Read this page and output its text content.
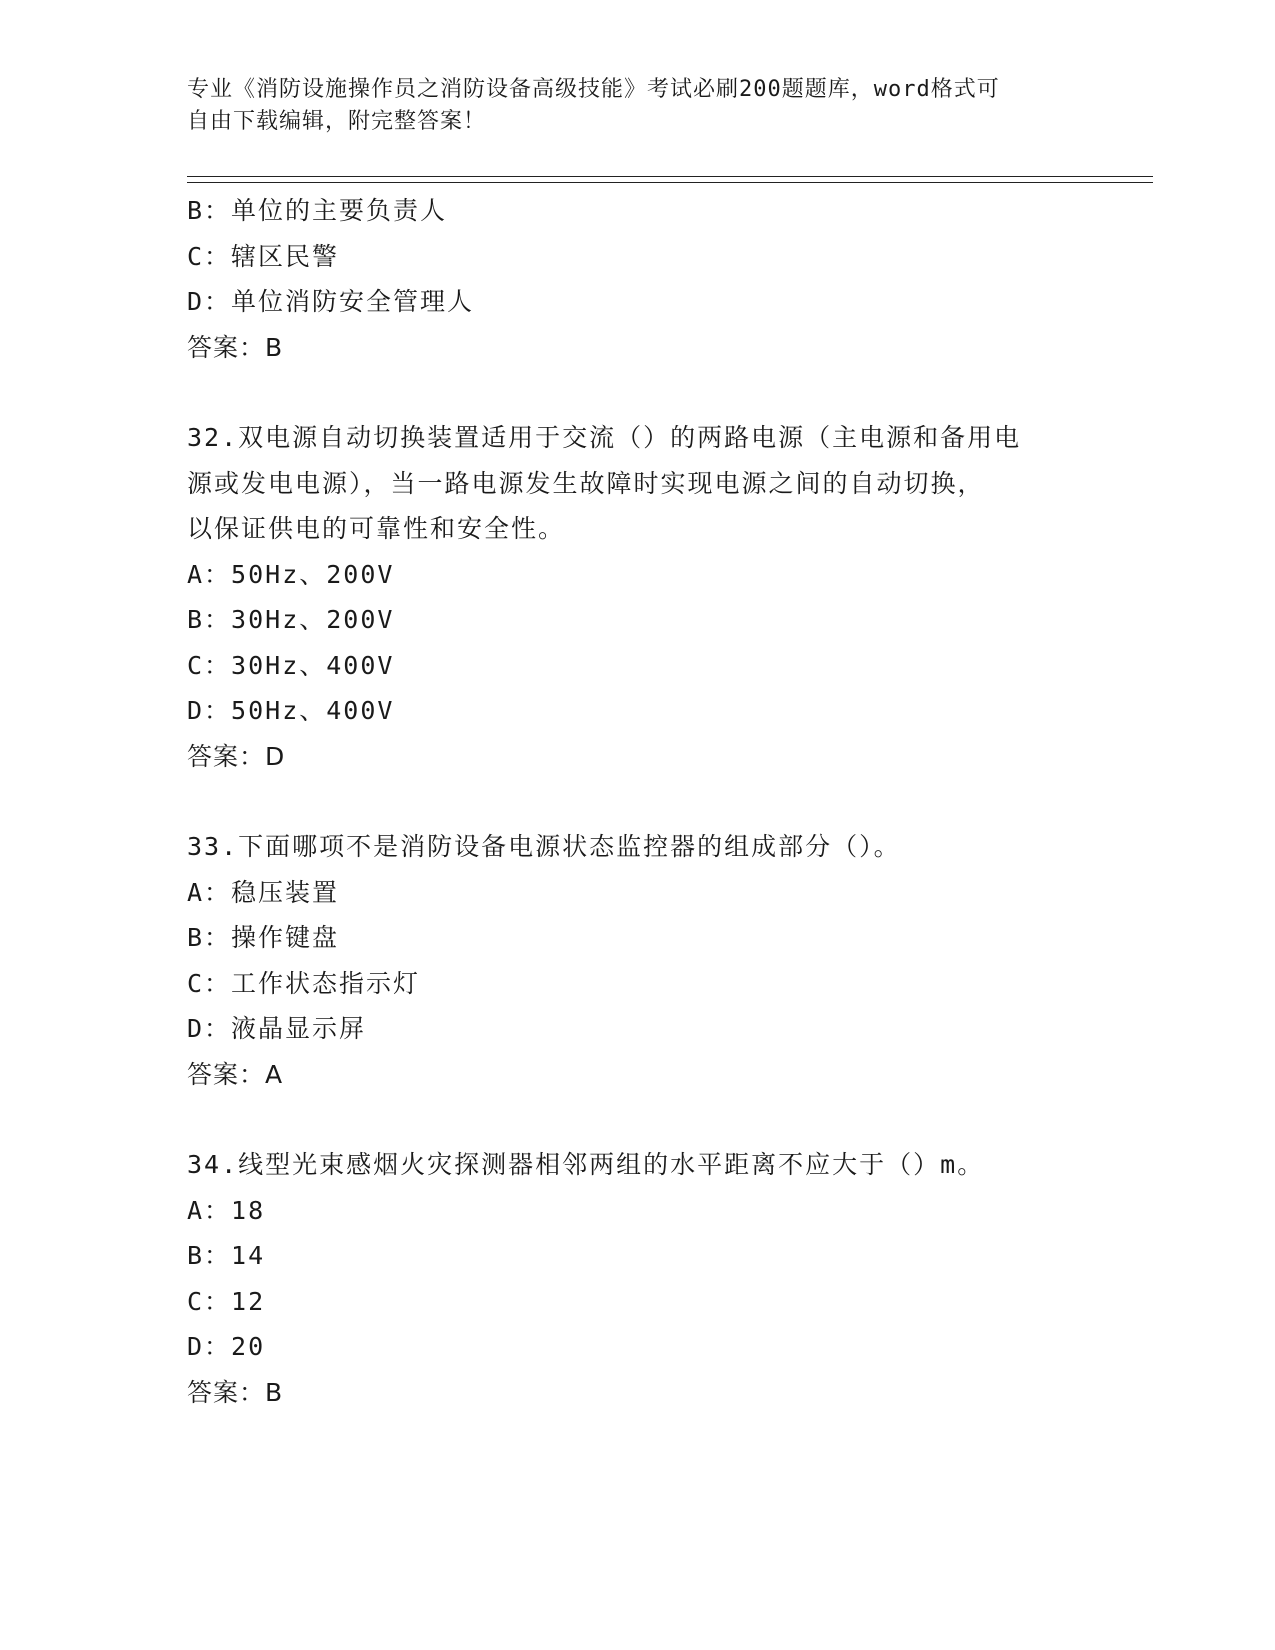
专业《消防设施操作员之消防设备高级技能》考试必刷200题题库，word格式可
自由下载编辑，附完整答案！
B：单位的主要负责人
C：辖区民警
D：单位消防安全管理人
答案：B
32.双电源自动切换装置适用于交流（）的两路电源（主电源和备用电
源或发电电源），当一路电源发生故障时实现电源之间的自动切换，
以保证供电的可靠性和安全性。
A：50Hz、200V
B：30Hz、200V
C：30Hz、400V
D：50Hz、400V
答案：D
33.下面哪项不是消防设备电源状态监控器的组成部分（）。
A：稳压装置
B：操作键盘
C：工作状态指示灯
D：液晶显示屏
答案：A
34.线型光束感烟火灾探测器相邻两组的水平距离不应大于（）m。
A：18
B：14
C：12
D：20
答案：B
